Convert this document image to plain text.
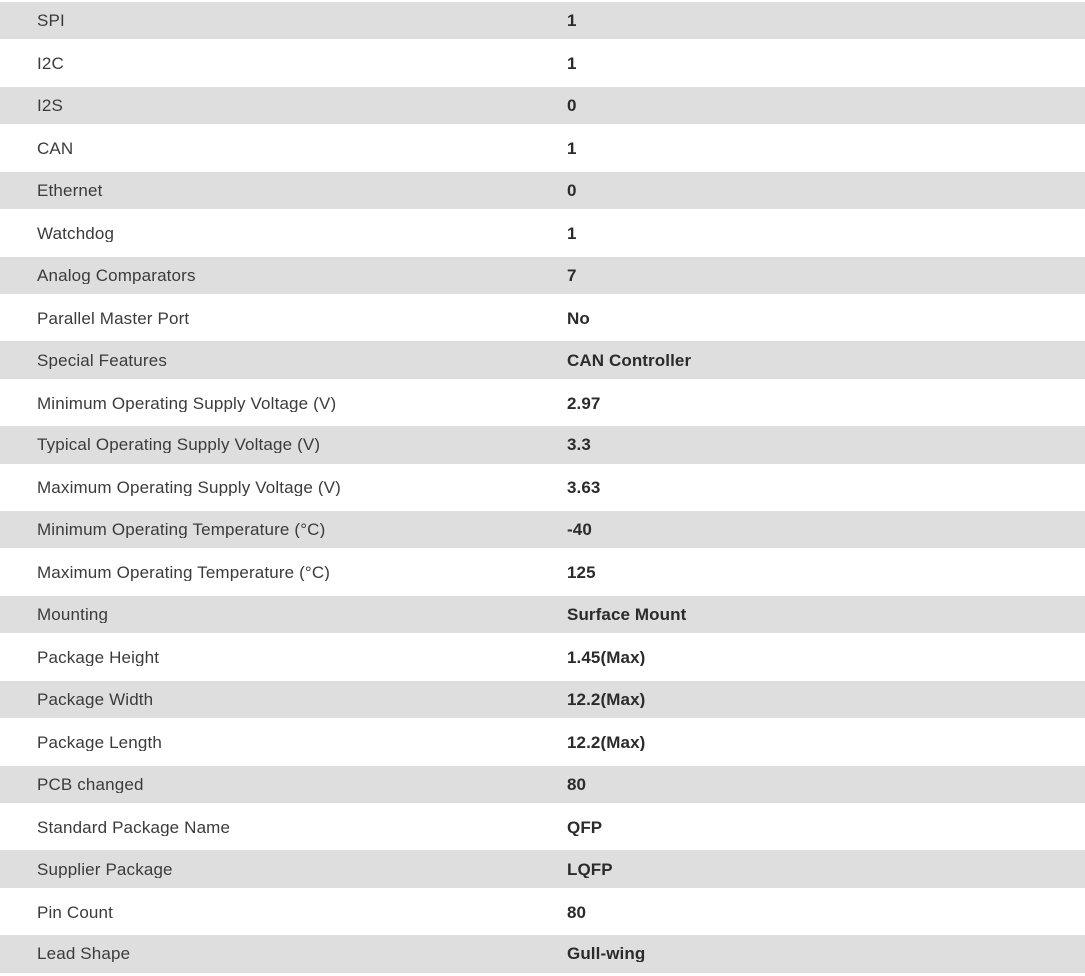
SPI	1
I2C	1
I2S	0
CAN	1
Ethernet	0
Watchdog	1
Analog Comparators	7
Parallel Master Port	No
Special Features	CAN Controller
Minimum Operating Supply Voltage (V)	2.97
Typical Operating Supply Voltage (V)	3.3
Maximum Operating Supply Voltage (V)	3.63
Minimum Operating Temperature (°C)	-40
Maximum Operating Temperature (°C)	125
Mounting	Surface Mount
Package Height	1.45(Max)
Package Width	12.2(Max)
Package Length	12.2(Max)
PCB changed	80
Standard Package Name	QFP
Supplier Package	LQFP
Pin Count	80
Lead Shape	Gull-wing
